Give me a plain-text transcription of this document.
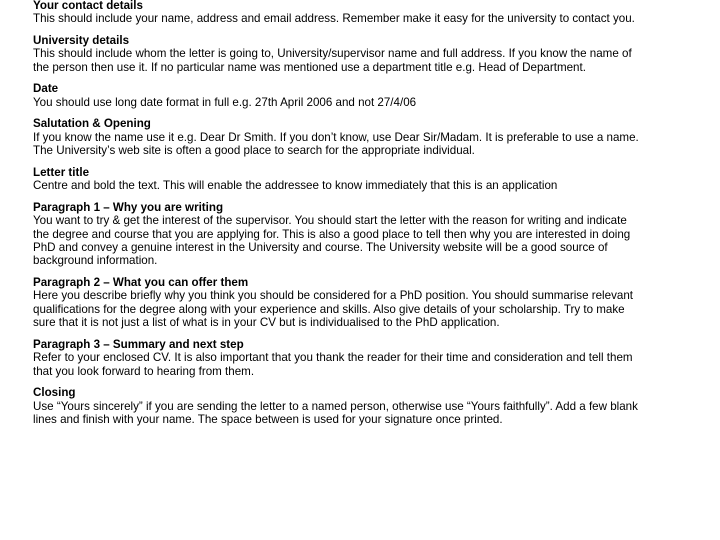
Your contact details
This should include your name, address and email address. Remember make it easy for the university to contact you.
University details
This should include whom the letter is going to, University/supervisor name and full address. If you know the name of
the person then use it. If no particular name was mentioned use a department title e.g. Head of Department.
Date
You should use long date format in full e.g. 27th April 2006 and not 27/4/06
Salutation & Opening
If you know the name use it e.g. Dear Dr Smith. If you don’t know, use Dear Sir/Madam. It is preferable to use a name.
The University’s web site is often a good place to search for the appropriate individual.
Letter title
Centre and bold the text. This will enable the addressee to know immediately that this is an application
Paragraph 1 – Why you are writing
You want to try & get the interest of the supervisor. You should start the letter with the reason for writing and indicate
the degree and course that you are applying for. This is also a good place to tell then why you are interested in doing
PhD and convey a genuine interest in the University and course. The University website will be a good source of
background information.
Paragraph 2 – What you can offer them
Here you describe briefly why you think you should be considered for a PhD position. You should summarise relevant
qualifications for the degree along with your experience and skills. Also give details of your scholarship. Try to make
sure that it is not just a list of what is in your CV but is individualised to the PhD application.
Paragraph 3 – Summary and next step
Refer to your enclosed CV. It is also important that you thank the reader for their time and consideration and tell them
that you look forward to hearing from them.
Closing
Use “Yours sincerely” if you are sending the letter to a named person, otherwise use “Yours faithfully”. Add a few blank
lines and finish with your name. The space between is used for your signature once printed.
